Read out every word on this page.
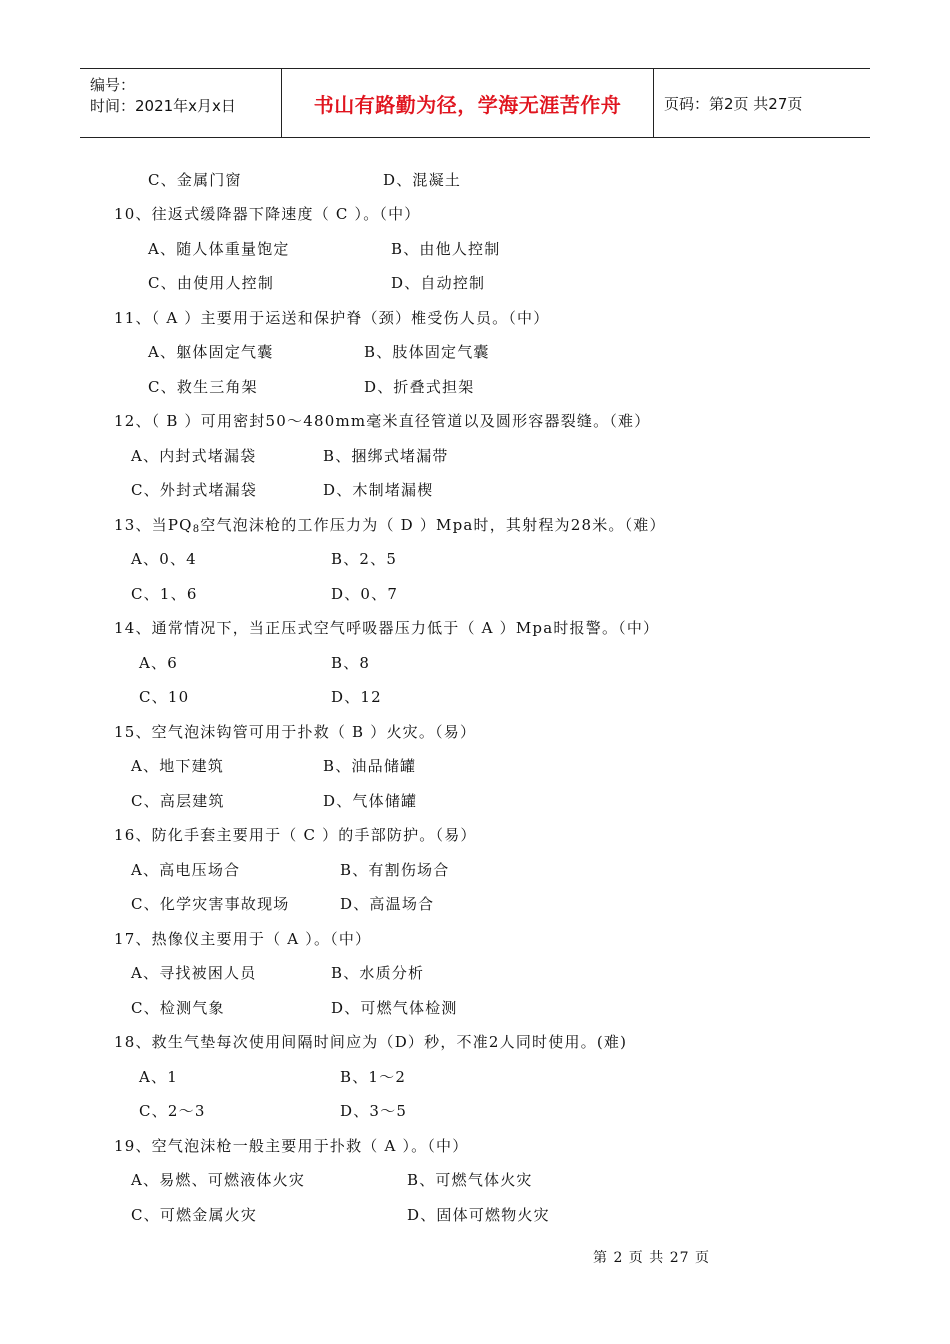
编号：
时间：2021年x月x日	书山有路勤为径，学海无涯苦作舟	页码：第2页 共27页
C、金属门窗	D、混凝土
10、往返式缓降器下降速度（ C ）。（中）
A、随人体重量饱定	B、由他人控制
C、由使用人控制	D、自动控制
11、（ A ）主要用于运送和保护脊（颈）椎受伤人员。（中）
A、躯体固定气囊	B、肢体固定气囊
C、救生三角架	D、折叠式担架
12、（ B ）可用密封50～480mm毫米直径管道以及圆形容器裂缝。（难）
A、内封式堵漏袋	B、捆绑式堵漏带
C、外封式堵漏袋	D、木制堵漏楔
13、当$PQ_8$空气泡沫枪的工作压力为（ D ）Mpa时，其射程为28米。（难）
A、0、4	B、2、5
C、1、6	D、0、7
14、通常情况下，当正压式空气呼吸器压力低于（ A ）Mpa时报警。（中）
A、6	B、8
C、10	D、12
15、空气泡沫钩管可用于扑救（ B ）火灾。（易）
A、地下建筑	B、油品储罐
C、高层建筑	D、气体储罐
16、防化手套主要用于（ C ）的手部防护。（易）
A、高电压场合	B、有割伤场合
C、化学灾害事故现场	D、高温场合
17、热像仪主要用于（ A ）。（中）
A、寻找被困人员	B、水质分析
C、检测气象	D、可燃气体检测
18、救生气垫每次使用间隔时间应为（D）秒，不准2人同时使用。(难)
A、1	B、1～2
C、2～3	D、3～5
19、空气泡沫枪一般主要用于扑救（ A ）。（中）
A、易燃、可燃液体火灾	B、可燃气体火灾
C、可燃金属火灾	D、固体可燃物火灾
第 2 页 共 27 页
